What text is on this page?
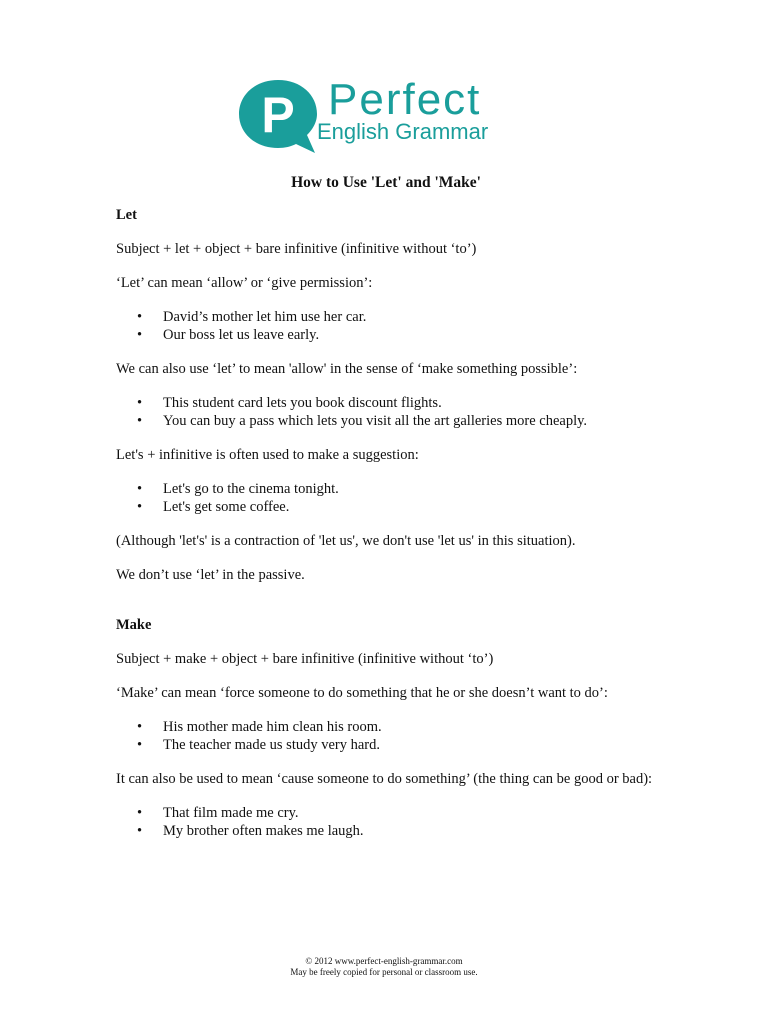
P Perfect
English Grammar
How to Use 'Let' and 'Make'

Let

Subject + let + object + bare infinitive (infinitive without ‘to’)

‘Let’ can mean ‘allow’ or ‘give permission’:

• David’s mother let him use her car.
• Our boss let us leave early.

We can also use ‘let’ to mean 'allow' in the sense of ‘make something possible’:

• This student card lets you book discount flights.
• You can buy a pass which lets you visit all the art galleries more cheaply.

Let's + infinitive is often used to make a suggestion:

• Let's go to the cinema tonight.
• Let's get some coffee.

(Although 'let's' is a contraction of 'let us', we don't use 'let us' in this situation).

We don’t use ‘let’ in the passive.

Make

Subject + make + object + bare infinitive (infinitive without ‘to’)

‘Make’ can mean ‘force someone to do something that he or she doesn’t want to do’:

• His mother made him clean his room.
• The teacher made us study very hard.

It can also be used to mean ‘cause someone to do something’ (the thing can be good or bad):

• That film made me cry.
• My brother often makes me laugh.
© 2012 www.perfect-english-grammar.com
May be freely copied for personal or classroom use.
